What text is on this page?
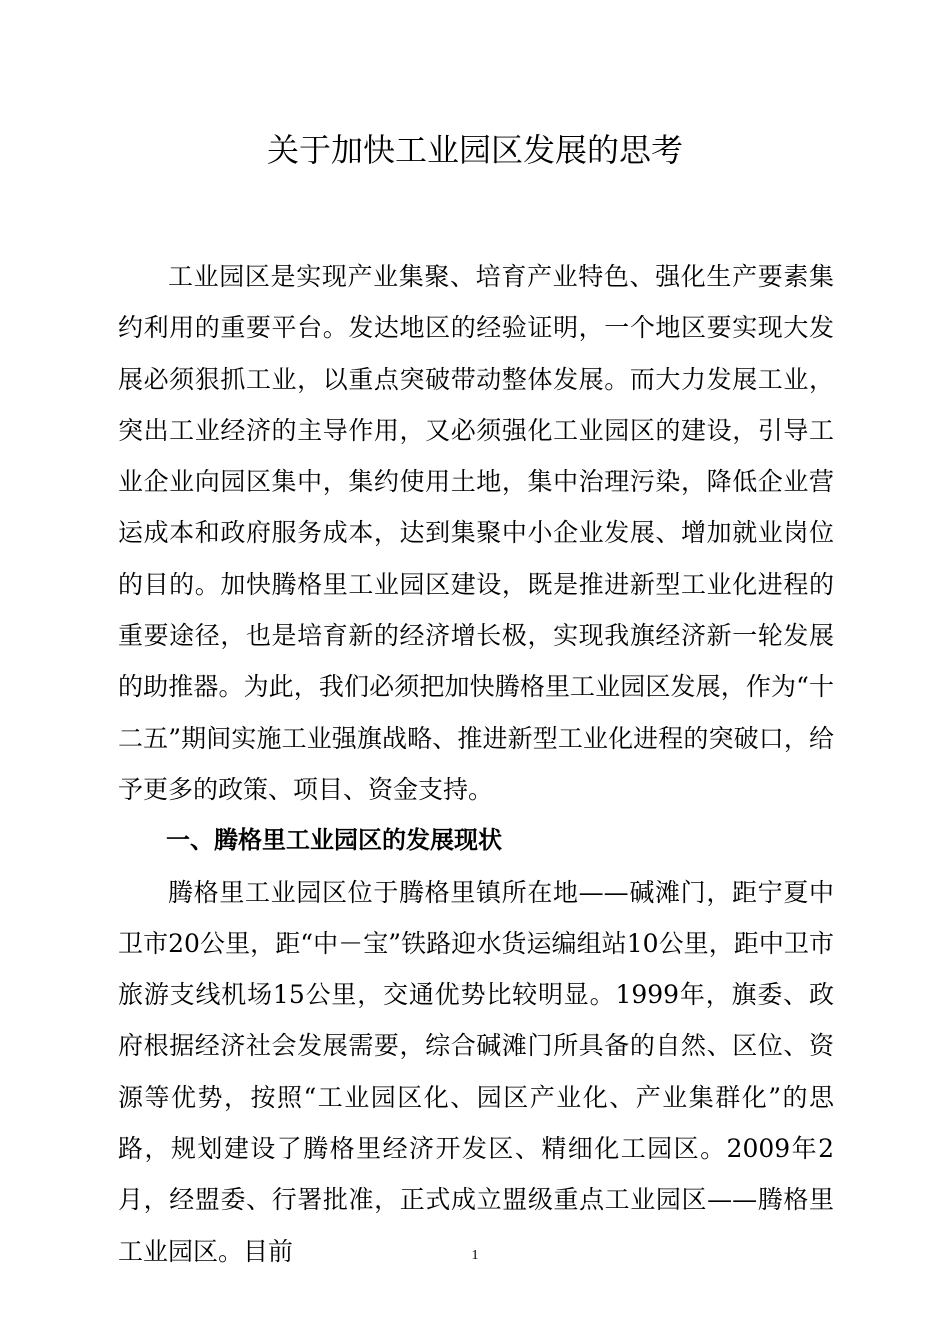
关于加快工业园区发展的思考

工业园区是实现产业集聚、培育产业特色、强化生产要素集约利用的重要平台。发达地区的经验证明，一个地区要实现大发展必须狠抓工业，以重点突破带动整体发展。而大力发展工业，突出工业经济的主导作用，又必须强化工业园区的建设，引导工业企业向园区集中，集约使用土地，集中治理污染，降低企业营运成本和政府服务成本，达到集聚中小企业发展、增加就业岗位的目的。加快腾格里工业园区建设，既是推进新型工业化进程的重要途径，也是培育新的经济增长极，实现我旗经济新一轮发展的助推器。为此，我们必须把加快腾格里工业园区发展，作为“十二五”期间实施工业强旗战略、推进新型工业化进程的突破口，给予更多的政策、项目、资金支持。

一、腾格里工业园区的发展现状

腾格里工业园区位于腾格里镇所在地——碱滩门，距宁夏中卫市20公里，距“中－宝”铁路迎水货运编组站10公里，距中卫市旅游支线机场15公里，交通优势比较明显。1999年，旗委、政府根据经济社会发展需要，综合碱滩门所具备的自然、区位、资源等优势，按照“工业园区化、园区产业化、产业集群化”的思路，规划建设了腾格里经济开发区、精细化工园区。2009年2月，经盟委、行署批准，正式成立盟级重点工业园区——腾格里工业园区。目前	1
